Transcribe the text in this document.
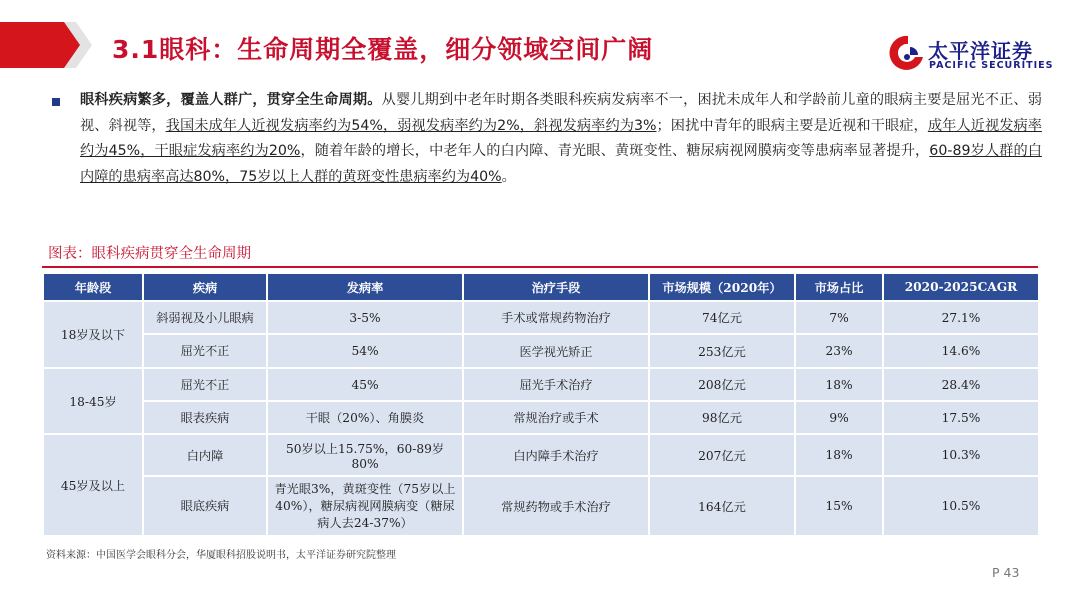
3.1眼科：生命周期全覆盖，细分领域空间广阔	太平洋证券
PACIFIC SECURITIES
眼科疾病繁多，覆盖人群广，贯穿全生命周期。从婴儿期到中老年时期各类眼科疾病发病率不一，困扰未成年人和学龄前儿童的眼病主要是屈光不正、弱视、斜视等，我国未成年人近视发病率约为54%，弱视发病率约为2%，斜视发病率约为3%；困扰中青年的眼病主要是近视和干眼症，成年人近视发病率约为45%，干眼症发病率约为20%，随着年龄的增长，中老年人的白内障、青光眼、黄斑变性、糖尿病视网膜病变等患病率显著提升，60-89岁人群的白内障的患病率高达80%，75岁以上人群的黄斑变性患病率约为40%。
图表：眼科疾病贯穿全生命周期
年龄段	疾病	发病率	治疗手段	市场规模（2020年）	市场占比	2020-2025CAGR
18岁及以下	斜弱视及小儿眼病	3-5%	手术或常规药物治疗	74亿元	7%	27.1%
	屈光不正	54%	医学视光矫正	253亿元	23%	14.6%
18-45岁	屈光不正	45%	屈光手术治疗	208亿元	18%	28.4%
	眼表疾病	干眼（20%）、角膜炎	常规治疗或手术	98亿元	9%	17.5%
45岁及以上	白内障	50岁以上15.75%，60-89岁80%	白内障手术治疗	207亿元	18%	10.3%
	眼底疾病	青光眼3%，黄斑变性（75岁以上40%），糖尿病视网膜病变（糖尿病人去24-37%）	常规药物或手术治疗	164亿元	15%	10.5%
资料来源：中国医学会眼科分会，华厦眼科招股说明书，太平洋证券研究院整理
P 43
